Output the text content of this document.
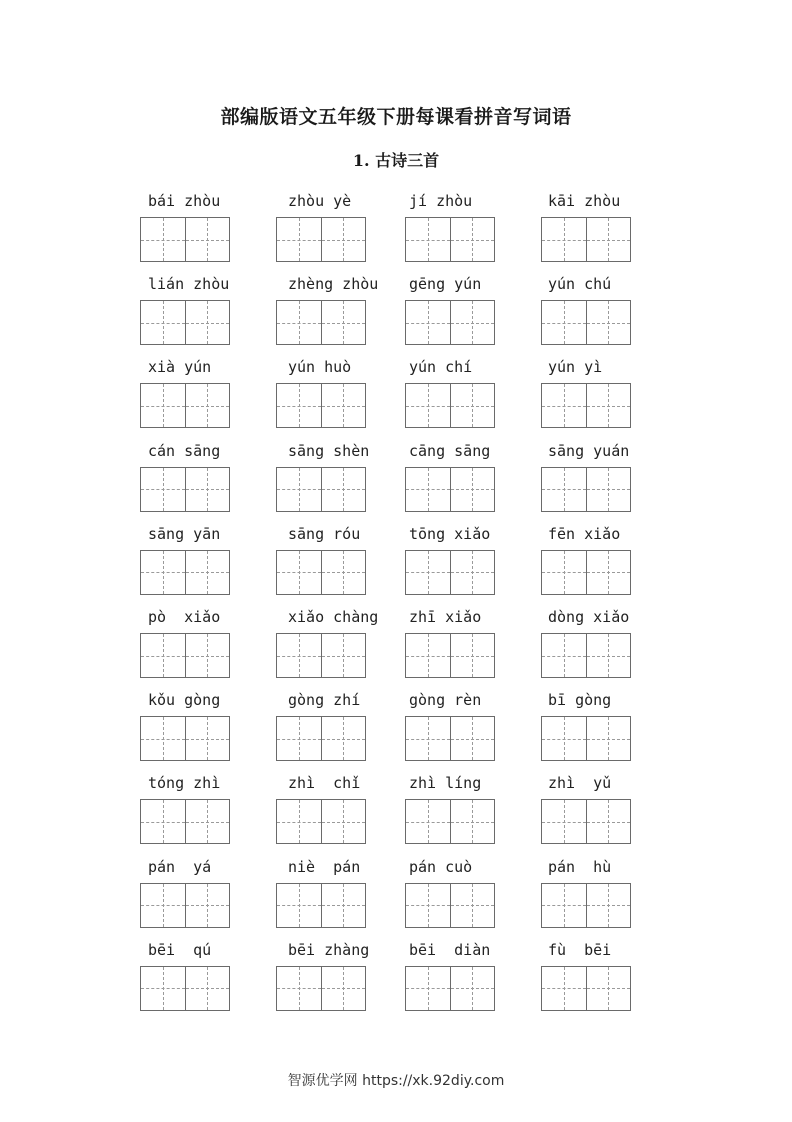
部编版语文五年级下册每课看拼音写词语
1. 古诗三首
bái zhòu	zhòu yè	jí zhòu	kāi zhòu
lián zhòu	zhèng zhòu	gēng yún	yún chú
xià yún	yún huò	yún chí	yún yì
cán sāng	sāng shèn	cāng sāng	sāng yuán
sāng yān	sāng róu	tōng xiǎo	fēn xiǎo
pò  xiǎo	xiǎo chàng	zhī xiǎo	dòng xiǎo
kǒu gòng	gòng zhí	gòng rèn	bī gòng
tóng zhì	zhì  chǐ	zhì líng	zhì  yǔ
pán  yá	niè  pán	pán cuò	pán  hù
bēi  qú	bēi zhàng	bēi  diàn	fù  bēi
智源优学网 https://xk.92diy.com
